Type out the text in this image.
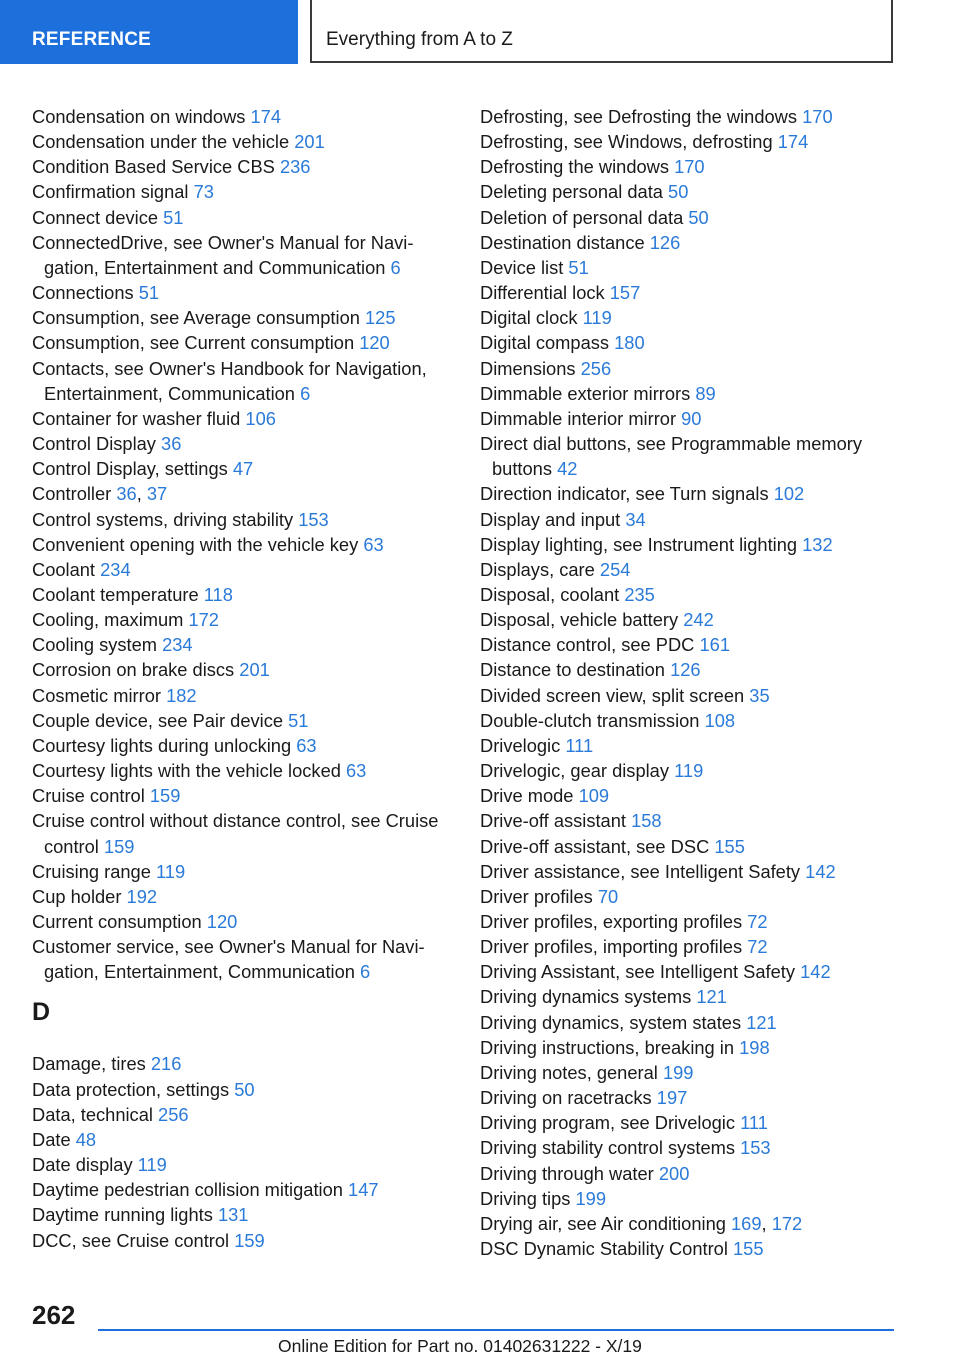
REFERENCE	Everything from A to Z
Condensation on windows 174
Condensation under the vehicle 201
Condition Based Service CBS 236
Confirmation signal 73
Connect device 51
ConnectedDrive, see Owner's Manual for Navigation, Entertainment and Communication 6
Connections 51
Consumption, see Average consumption 125
Consumption, see Current consumption 120
Contacts, see Owner's Handbook for Navigation, Entertainment, Communication 6
Container for washer fluid 106
Control Display 36
Control Display, settings 47
Controller 36, 37
Control systems, driving stability 153
Convenient opening with the vehicle key 63
Coolant 234
Coolant temperature 118
Cooling, maximum 172
Cooling system 234
Corrosion on brake discs 201
Cosmetic mirror 182
Couple device, see Pair device 51
Courtesy lights during unlocking 63
Courtesy lights with the vehicle locked 63
Cruise control 159
Cruise control without distance control, see Cruise control 159
Cruising range 119
Cup holder 192
Current consumption 120
Customer service, see Owner's Manual for Navigation, Entertainment, Communication 6
D
Damage, tires 216
Data protection, settings 50
Data, technical 256
Date 48
Date display 119
Daytime pedestrian collision mitigation 147
Daytime running lights 131
DCC, see Cruise control 159
Defrosting, see Defrosting the windows 170
Defrosting, see Windows, defrosting 174
Defrosting the windows 170
Deleting personal data 50
Deletion of personal data 50
Destination distance 126
Device list 51
Differential lock 157
Digital clock 119
Digital compass 180
Dimensions 256
Dimmable exterior mirrors 89
Dimmable interior mirror 90
Direct dial buttons, see Programmable memory buttons 42
Direction indicator, see Turn signals 102
Display and input 34
Display lighting, see Instrument lighting 132
Displays, care 254
Disposal, coolant 235
Disposal, vehicle battery 242
Distance control, see PDC 161
Distance to destination 126
Divided screen view, split screen 35
Double-clutch transmission 108
Drivelogic 111
Drivelogic, gear display 119
Drive mode 109
Drive-off assistant 158
Drive-off assistant, see DSC 155
Driver assistance, see Intelligent Safety 142
Driver profiles 70
Driver profiles, exporting profiles 72
Driver profiles, importing profiles 72
Driving Assistant, see Intelligent Safety 142
Driving dynamics systems 121
Driving dynamics, system states 121
Driving instructions, breaking in 198
Driving notes, general 199
Driving on racetracks 197
Driving program, see Drivelogic 111
Driving stability control systems 153
Driving through water 200
Driving tips 199
Drying air, see Air conditioning 169, 172
DSC Dynamic Stability Control 155
262
Online Edition for Part no. 01402631222 - X/19
